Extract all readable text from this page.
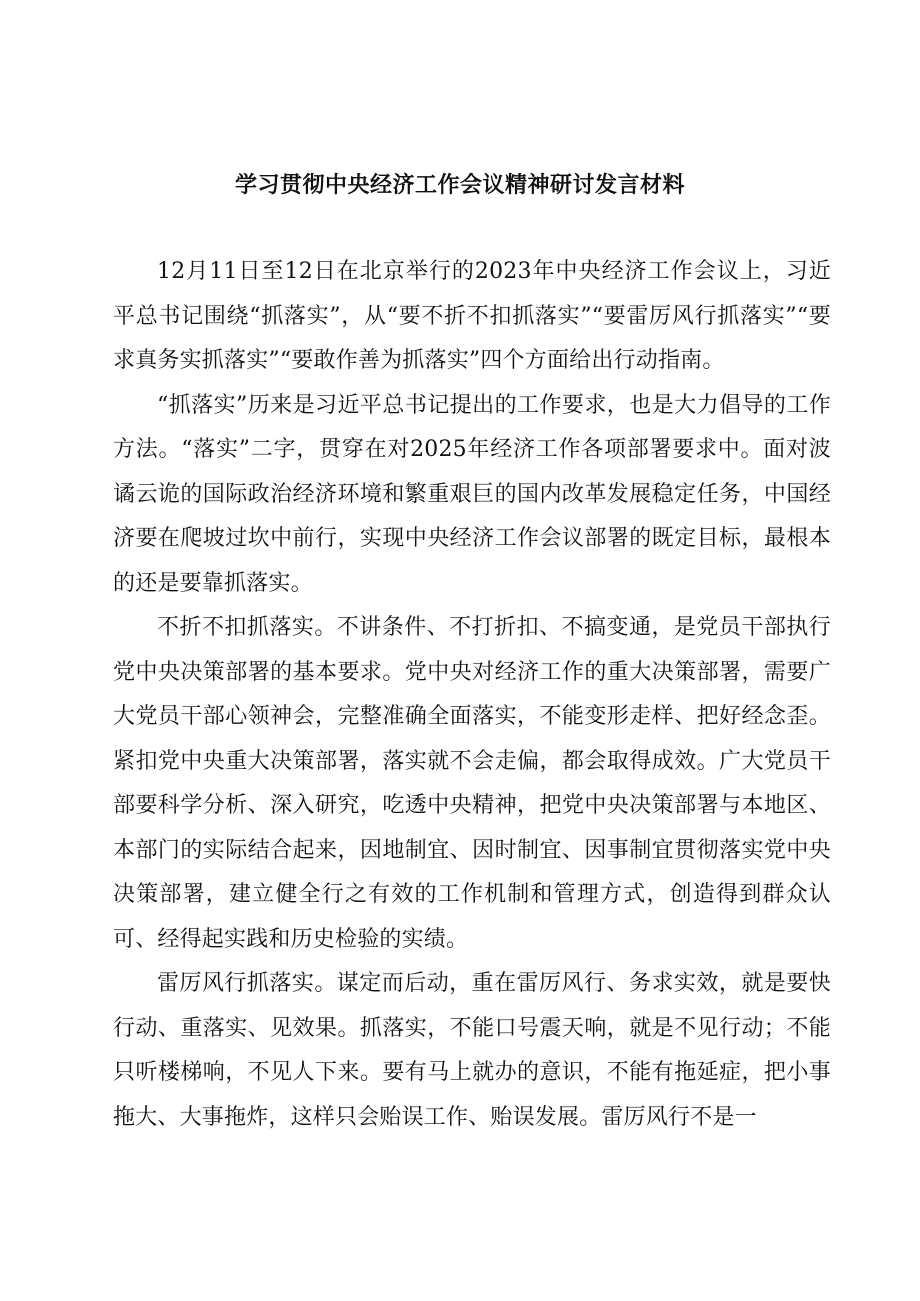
学习贯彻中央经济工作会议精神研讨发言材料

12月11日至12日在北京举行的2023年中央经济工作会议上，习近平总书记围绕“抓落实”，从“要不折不扣抓落实”“要雷厉风行抓落实”“要求真务实抓落实”“要敢作善为抓落实”四个方面给出行动指南。

“抓落实”历来是习近平总书记提出的工作要求，也是大力倡导的工作方法。“落实”二字，贯穿在对2025年经济工作各项部署要求中。面对波谲云诡的国际政治经济环境和繁重艰巨的国内改革发展稳定任务，中国经济要在爬坡过坎中前行，实现中央经济工作会议部署的既定目标，最根本的还是要靠抓落实。

不折不扣抓落实。不讲条件、不打折扣、不搞变通，是党员干部执行党中央决策部署的基本要求。党中央对经济工作的重大决策部署，需要广大党员干部心领神会，完整准确全面落实，不能变形走样、把好经念歪。紧扣党中央重大决策部署，落实就不会走偏，都会取得成效。广大党员干部要科学分析、深入研究，吃透中央精神，把党中央决策部署与本地区、本部门的实际结合起来，因地制宜、因时制宜、因事制宜贯彻落实党中央决策部署，建立健全行之有效的工作机制和管理方式，创造得到群众认可、经得起实践和历史检验的实绩。

雷厉风行抓落实。谋定而后动，重在雷厉风行、务求实效，就是要快行动、重落实、见效果。抓落实，不能口号震天响，就是不见行动；不能只听楼梯响，不见人下来。要有马上就办的意识，不能有拖延症，把小事拖大、大事拖炸，这样只会贻误工作、贻误发展。雷厉风行不是一
